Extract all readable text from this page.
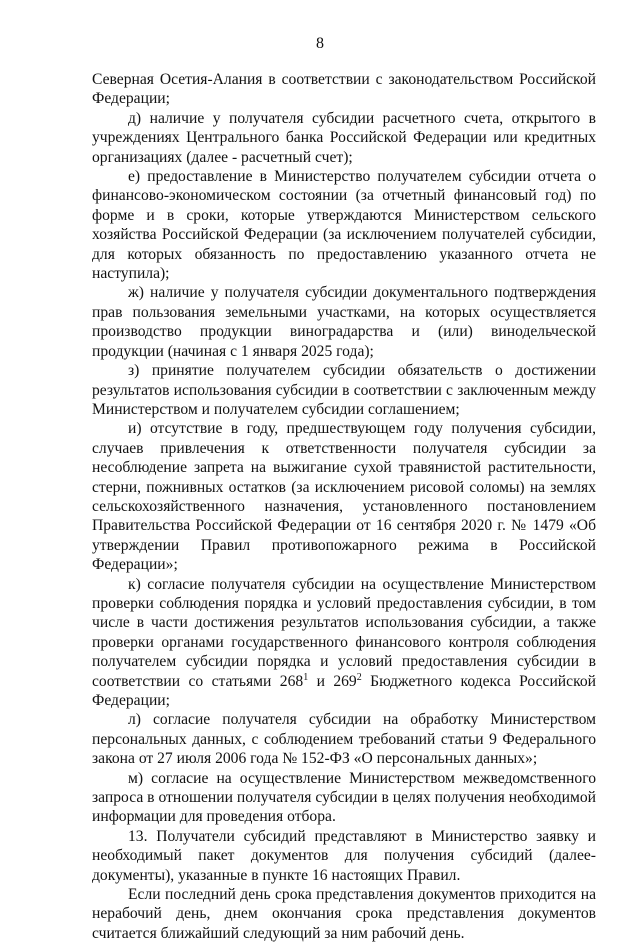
8

Северная Осетия-Алания в соответствии с законодательством Российской Федерации;

д) наличие у получателя субсидии расчетного счета, открытого в учреждениях Центрального банка Российской Федерации или кредитных организациях (далее - расчетный счет);

е) предоставление в Министерство получателем субсидии отчета о финансово-экономическом состоянии (за отчетный финансовый год) по форме и в сроки, которые утверждаются Министерством сельского хозяйства Российской Федерации (за исключением получателей субсидии, для которых обязанность по предоставлению указанного отчета не наступила);

ж) наличие у получателя субсидии документального подтверждения прав пользования земельными участками, на которых осуществляется производство продукции виноградарства и (или) винодельческой продукции (начиная с 1 января 2025 года);

з) принятие получателем субсидии обязательств о достижении результатов использования субсидии в соответствии с заключенным между Министерством и получателем субсидии соглашением;

и) отсутствие в году, предшествующем году получения субсидии, случаев привлечения к ответственности получателя субсидии за несоблюдение запрета на выжигание сухой травянистой растительности, стерни, пожнивных остатков (за исключением рисовой соломы) на землях сельскохозяйственного назначения, установленного постановлением Правительства Российской Федерации от 16 сентября 2020 г. № 1479 «Об утверждении Правил противопожарного режима в Российской Федерации»;

к) согласие получателя субсидии на осуществление Министерством проверки соблюдения порядка и условий предоставления субсидии, в том числе в части достижения результатов использования субсидии, а также проверки органами государственного финансового контроля соблюдения получателем субсидии порядка и условий предоставления субсидии в соответствии со статьями $268^1$ и $269^2$ Бюджетного кодекса Российской Федерации;

л) согласие получателя субсидии на обработку Министерством персональных данных, с соблюдением требований статьи 9 Федерального закона от 27 июля 2006 года № 152-ФЗ «О персональных данных»;

м) согласие на осуществление Министерством межведомственного запроса в отношении получателя субсидии в целях получения необходимой информации для проведения отбора.

13. Получатели субсидий представляют в Министерство заявку и необходимый пакет документов для получения субсидий (далее-документы), указанные в пункте 16 настоящих Правил.

Если последний день срока представления документов приходится на нерабочий день, днем окончания срока представления документов считается ближайший следующий за ним рабочий день.
